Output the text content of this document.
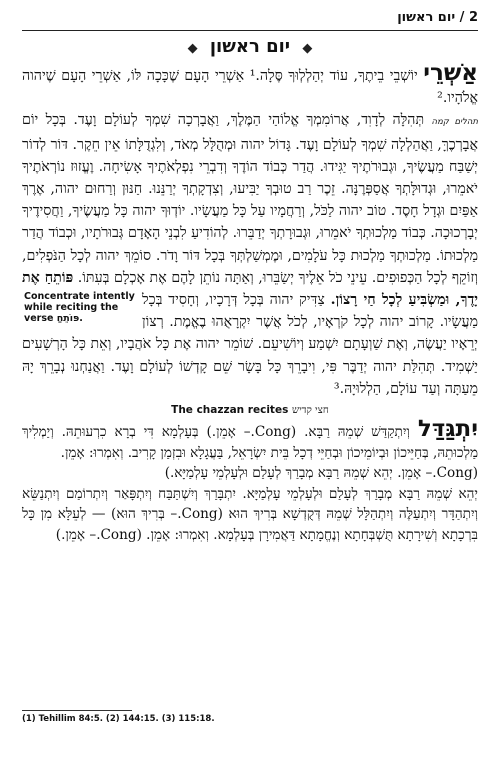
2 / יום ראשון
◆ יום ראשון ◆

אַשְׁרֵי יוֹשְׁבֵי בֵיתֶךָ, עוֹד יְהַלְלְוּךָ סֶּלָה.¹ אַשְׁרֵי הָעָם שֶׁכָּכָה לּוֹ, אַשְׁרֵי הָעָם שֶׁיהוה אֱלֹהָיו.²

תהלים קמה תְּהִלָּה לְדָוִד, אֲרוֹמִמְךָ אֱלוֹהַי הַמֶּלֶךְ, וַאֲבָרְכָה שִׁמְךָ לְעוֹלָם וָעֶד. בְּכָל יוֹם אֲבָרְכֶךָּ, וַאֲהַלְלָה שִׁמְךָ לְעוֹלָם וָעֶד. גָּדוֹל יהוה וּמְהֻלָּל מְאֹד, וְלִגְדֻלָּתוֹ אֵין חֵקֶר. דּוֹר לְדוֹר יְשַׁבַּח מַעֲשֶׂיךָ, וּגְבוּרֹתֶיךָ יַגִּידוּ. הֲדַר כְּבוֹד הוֹדֶךָ וְדִבְרֵי נִפְלְאֹתֶיךָ אָשִׂיחָה. וֶעֱזוּז נוֹרְאֹתֶיךָ יֹאמֵרוּ, וּגְדוּלָּתְךָ אֲסַפְּרֶנָּה. זֵכֶר רַב טוּבְךָ יַבִּיעוּ, וְצִדְקָתְךָ יְרַנֵּנוּ. חַנּוּן וְרַחוּם יהוה, אֶרֶךְ אַפַּיִם וּגְדָל חָסֶד. טוֹב יהוה לַכֹּל, וְרַחֲמָיו עַל כָּל מַעֲשָׂיו. יוֹדְוּךָ יהוה כָּל מַעֲשֶׂיךָ, וַחֲסִידֶיךָ יְבָרְכוּכָה. כְּבוֹד מַלְכוּתְךָ יֹאמֵרוּ, וּגְבוּרָתְךָ יְדַבֵּרוּ. לְהוֹדִיעַ לִבְנֵי הָאָדָם גְּבוּרֹתָיו, וּכְבוֹד הֲדַר מַלְכוּתוֹ. מַלְכוּתְךָ מַלְכוּת כָּל עֹלָמִים, וּמֶמְשַׁלְתְּךָ בְּכָל דּוֹר וָדֹר. סוֹמֵךְ יהוה לְכָל הַנֹּפְלִים, וְזוֹקֵף לְכָל הַכְּפוּפִים. עֵינֵי כֹל אֵלֶיךָ יְשַׂבֵּרוּ, וְאַתָּה נוֹתֵן לָהֶם אֶת אָכְלָם בְּעִתּוֹ.
Concentrate intently while reciting the verse פּוֹתֵחַ.
פּוֹתֵחַ אֶת יָדֶךָ, וּמַשְׂבִּיעַ לְכָל חַי רָצוֹן. צַדִּיק יהוה בְּכָל דְּרָכָיו, וְחָסִיד בְּכָל מַעֲשָׂיו. קָרוֹב יהוה לְכָל קֹרְאָיו, לְכֹל אֲשֶׁר יִקְרָאֻהוּ בֶאֱמֶת. רְצוֹן יְרֵאָיו יַעֲשֶׂה, וְאֶת שַׁוְעָתָם יִשְׁמַע וְיוֹשִׁיעֵם. שׁוֹמֵר יהוה אֶת כָּל אֹהֲבָיו, וְאֵת כָּל הָרְשָׁעִים יַשְׁמִיד. תְּהִלַּת יהוה יְדַבֶּר פִּי, וִיבָרֵךְ כָּל בָּשָׂר שֵׁם קָדְשׁוֹ לְעוֹלָם וָעֶד. וַאֲנַחְנוּ נְבָרֵךְ יָהּ מֵעַתָּה וְעַד עוֹלָם, הַלְלוּיָהּ.³

חצי קדיש The chazzan recites

יִתְגַּדַּל וְיִתְקַדַּשׁ שְׁמֵהּ רַבָּא. (Cong.– אָמֵן.) בְּעָלְמָא דִּי בְרָא כִרְעוּתֵהּ. וְיַמְלִיךְ מַלְכוּתֵהּ, בְּחַיֵּיכוֹן וּבְיוֹמֵיכוֹן וּבְחַיֵּי דְכָל בֵּית יִשְׂרָאֵל, בַּעֲגָלָא וּבִזְמַן קָרִיב. וְאִמְרוּ: אָמֵן.

(Cong.– אָמֵן. יְהֵא שְׁמֵהּ רַבָּא מְבָרַךְ לְעָלַם וּלְעָלְמֵי עָלְמַיָּא.)

יְהֵא שְׁמֵהּ רַבָּא מְבָרַךְ לְעָלַם וּלְעָלְמֵי עָלְמַיָּא. יִתְבָּרַךְ וְיִשְׁתַּבַּח וְיִתְפָּאַר וְיִתְרוֹמַם וְיִתְנַשֵּׂא וְיִתְהַדָּר וְיִתְעַלֶּה וְיִתְהַלָּל שְׁמֵהּ דְּקֻדְשָׁא בְּרִיךְ הוּא (Cong.– בְּרִיךְ הוּא) — לְעֵלָּא מִן כָּל בִּרְכָתָא וְשִׁירָתָא תֻּשְׁבְּחָתָא וְנֶחֱמָתָא דַּאֲמִירָן בְּעָלְמָא. וְאִמְרוּ: אָמֵן. (Cong.– אָמֵן.)

(1) Tehillim 84:5. (2) 144:15. (3) 115:18.
